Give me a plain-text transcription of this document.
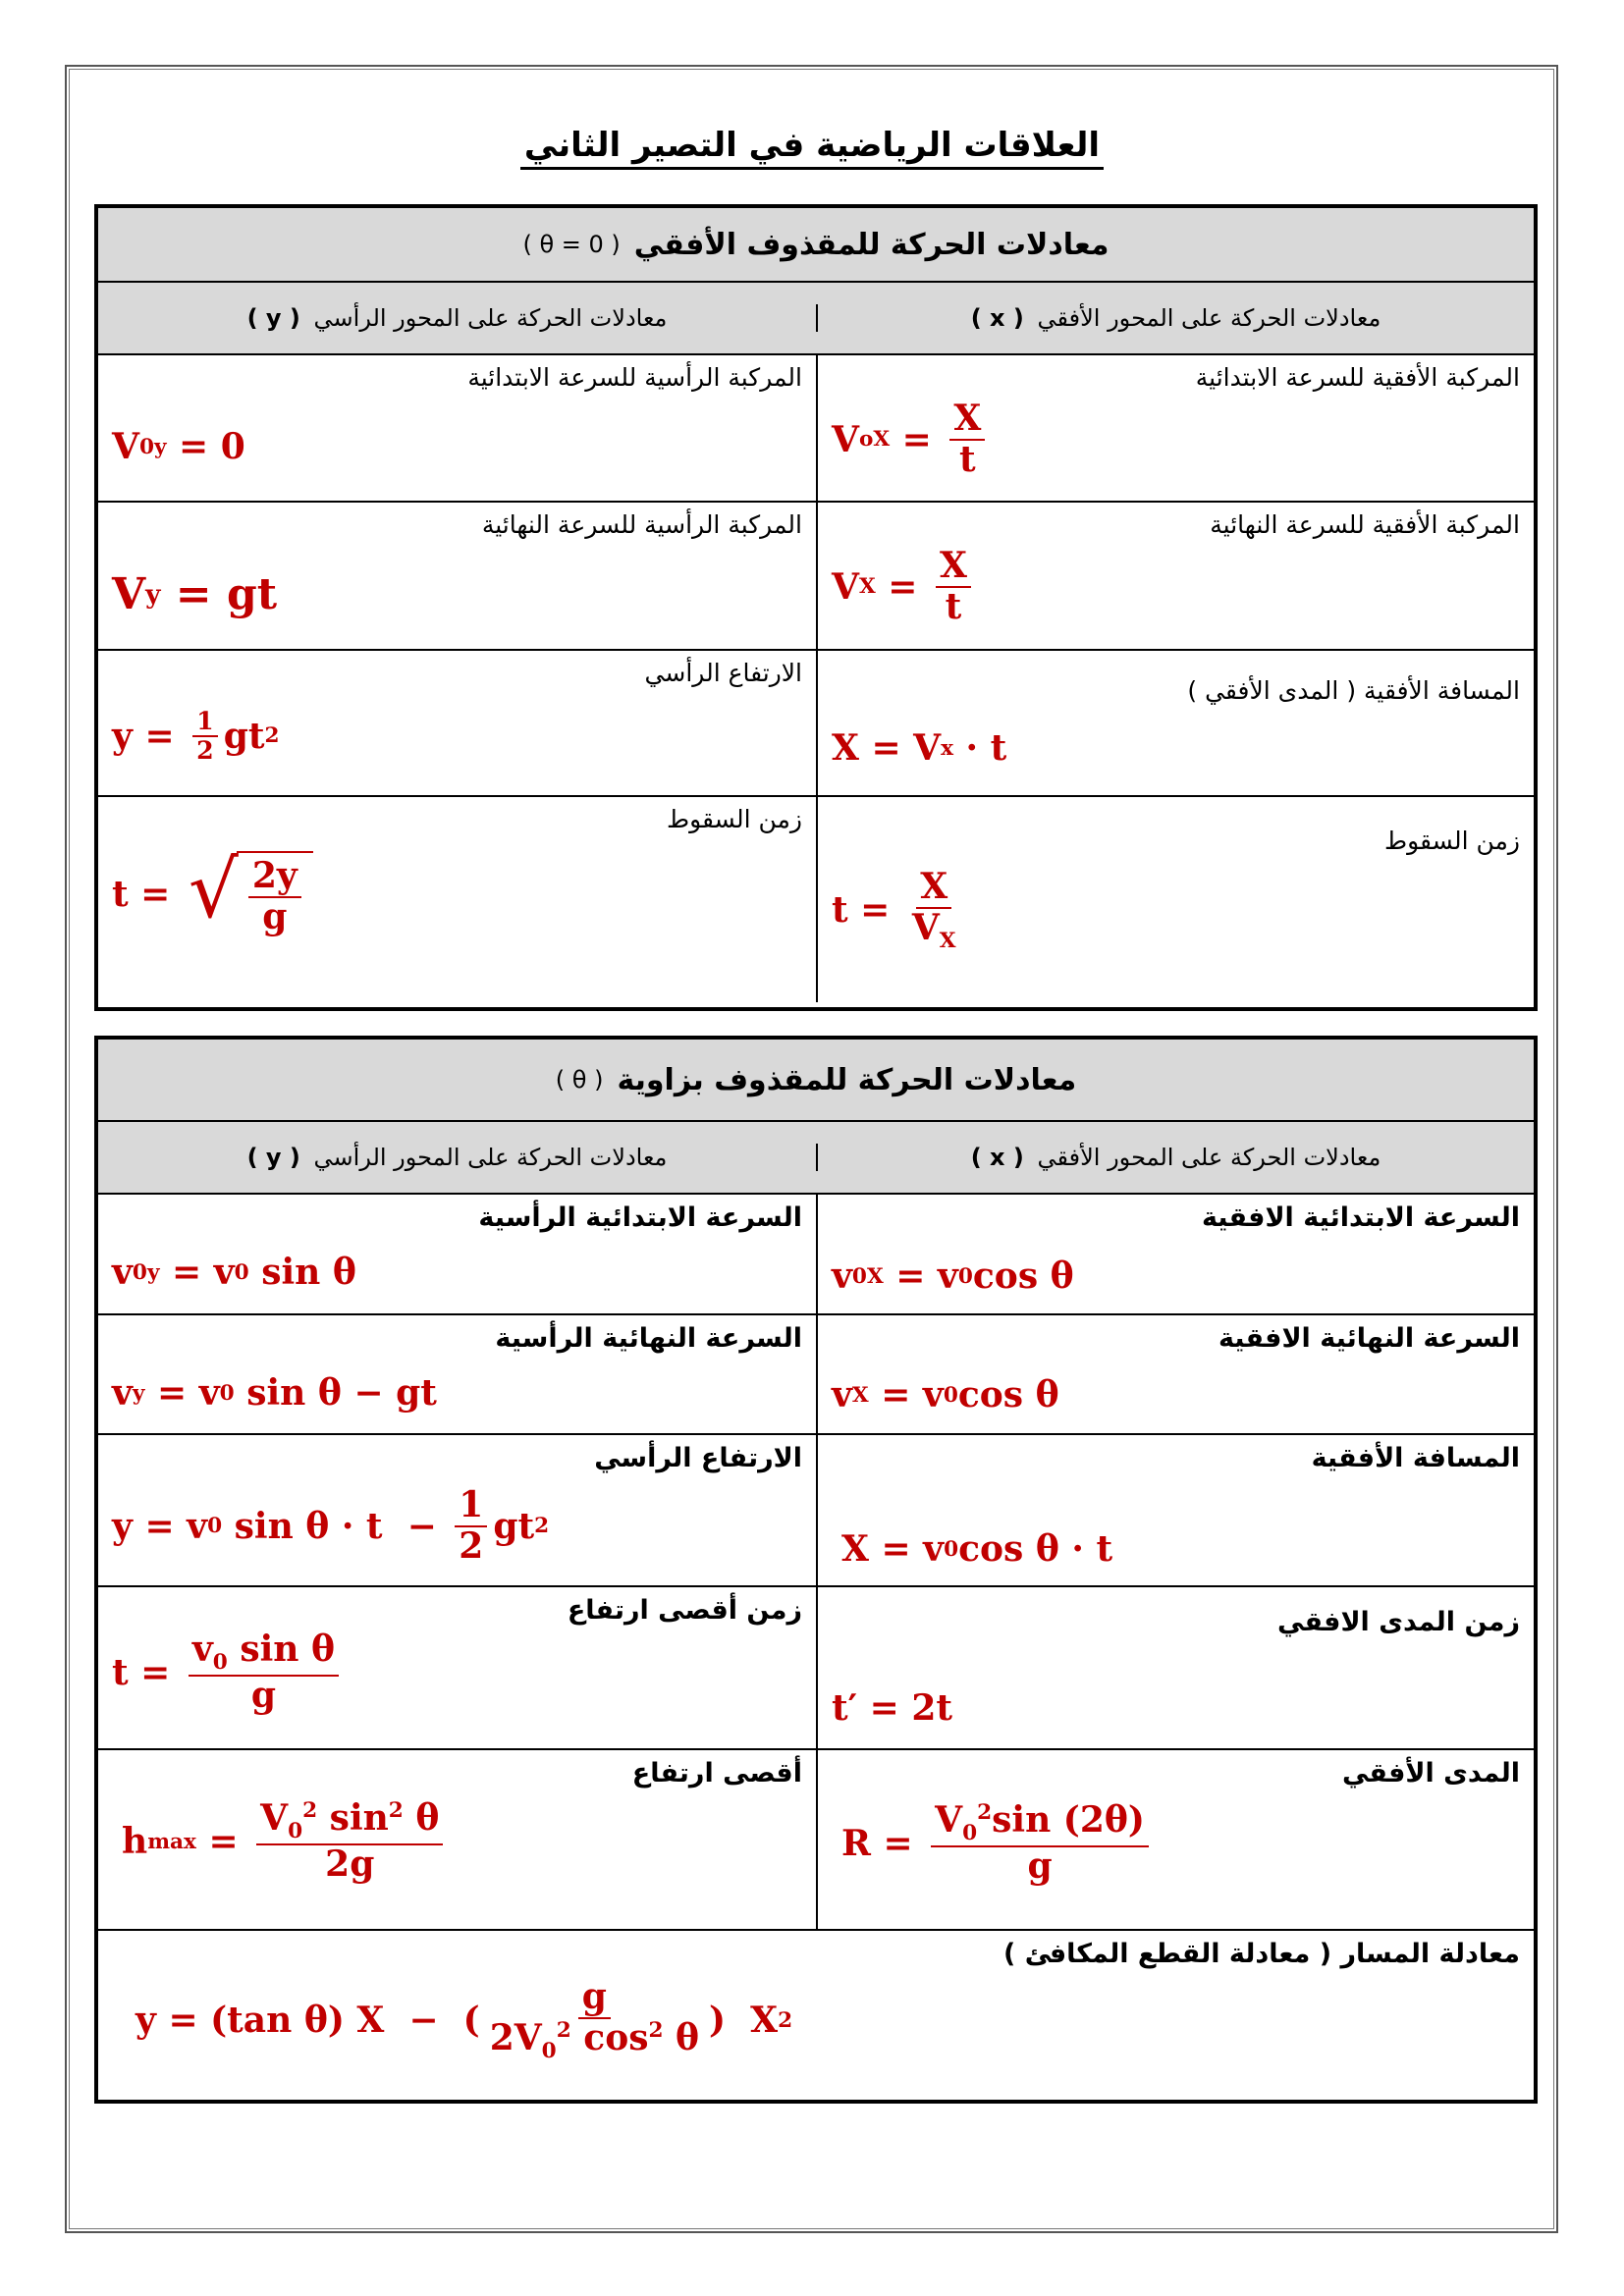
العلاقات الرياضية في التصير الثاني
معادلات الحركة للمقذوف الأفقي
( θ = 0 )
معادلات الحركة على المحور الأفقي

( x )
معادلات الحركة على المحور الرأسي

( y )
المركبة الأفقية للسرعة الابتدائية
V oX = $\frac{X}{t}$
المركبة الرأسية للسرعة الابتدائية
V 0y = 0
المركبة الأفقية للسرعة النهائية
V $X = \frac{X}{t}$
المركبة الرأسية للسرعة النهائية
V y = gt
المسافة الأفقية ( المدى الأفقي )
X = V x · t
الارتفاع الرأسي
$y = \frac{1}{2}$ gt 2
زمن السقوط
$t = \frac{X}{V_X}$
زمن السقوط
t = √ $\frac{2y}{g}$
معادلات الحركة للمقذوف بزاوية
( θ )
معادلات الحركة على المحور الأفقي

( x )
معادلات الحركة على المحور الرأسي

( y )
السرعة الابتدائية الافقية
v 0X = v 0 cos θ
السرعة الابتدائية الرأسية
v 0y = v 0 sin θ
السرعة النهائية الافقية
v X = v 0 cos θ
السرعة النهائية الرأسية
v y = v 0 sin θ − gt
المسافة الأفقية
X = v 0 cos θ · t
الارتفاع الرأسي
y = v 0 $\sin \theta \cdot t - \frac{1}{2}$ gt 2
زمن المدى الافقي
t′ = 2t
زمن أقصى ارتفاع
$t = \frac{v_0 \sin \theta}{g}$
المدى الأفقي
$R = \frac{V_0^2\sin (2\theta)}{g}$
أقصى ارتفاع
h $\max = \frac{V_0^2 \sin^2 \theta}{2g}$
معادلة المسار ( معادلة القطع المكافئ )
y = (tan θ) X  −  ( $\frac{g}{2V_0^2 \cos^2 \theta}$ )  X 2
